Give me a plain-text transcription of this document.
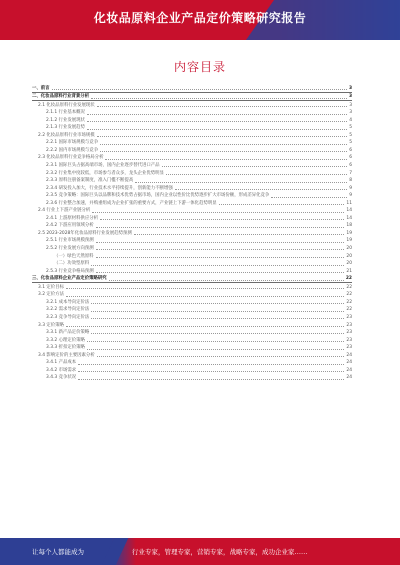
化妆品原料企业产品定价策略研究报告
内容目录
一、前言	3
二、化妆品原料行业背景分析	3
2.1 化妆品原料行业发展现状	3
2.1.1 行业基本概况	3
2.1.2 行业发展现状	4
2.1.3 行业发展趋势	5
2.2 化妆品原料行业市场规模	5
2.2.1 国际市场规模与竞争	5
2.2.2 国内市场规模与竞争	6
2.3 化妆品原料行业竞争格局分析	6
2.3.1 国际巨头占据高端市场，国内企业逐步替代进口产品	6
2.3.2 行业集中度较低，市场参与者众多，龙头企业优势明显	7
2.3.3 原料注册备案制度，准入门槛不断提高	8
2.3.4 研发投入加大，行业技术水平持续提升，创新能力不断增强	9
2.3.5 竞争策略：国际巨头以品牌和技术优势占据市场，国内企业以性价比优势逐步扩大市场份额，形成差异化竞争	9
2.3.6 行业整合加速，并购重组成为企业扩张的重要方式，产业链上下游一体化趋势明显	11
2.4 行业上下游产业链分析	14
2.4.1 上游原材料供应分析	14
2.4.2 下游应用领域分析	18
2.5 2023-2028年化妆品原料行业发展趋势预测	19
2.5.1 行业市场规模预测	19
2.5.2 行业发展方向预测	20
（一）绿色天然原料	20
（二）功效型原料	20
2.5.3 行业竞争格局预测	21
三、化妆品原料企业产品定价策略研究	22
3.1 定价目标	22
3.2 定价方法	22
3.2.1 成本导向定价法	22
3.2.2 需求导向定价法	22
3.2.3 竞争导向定价法	23
3.3 定价策略	23
3.3.1 新产品定价策略	23
3.3.2 心理定价策略	23
3.3.3 折扣定价策略	23
3.4 影响定价的主要因素分析	24
3.4.1 产品成本	24
3.4.2 市场需求	24
3.4.3 竞争状况	24
让每个人都能成为	行业专家，管理专家，营销专家，战略专家，成功企业家……
